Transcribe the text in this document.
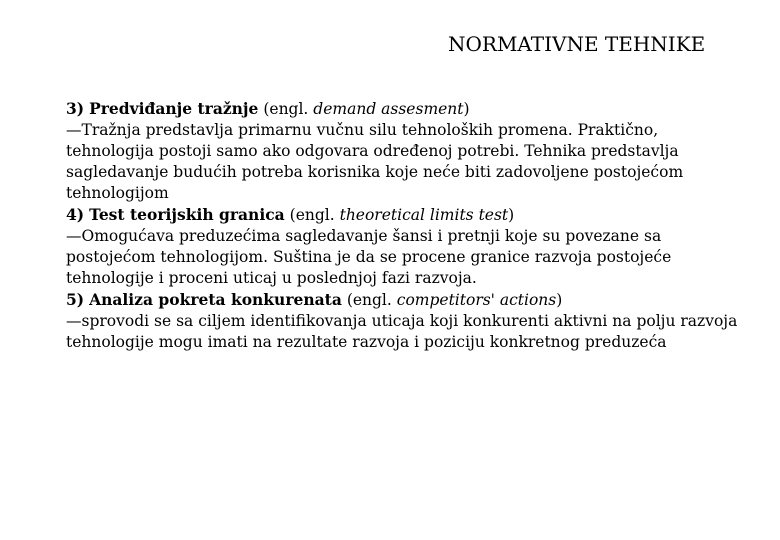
NORMATIVNE TEHNIKE

3) Predviđanje tražnje (engl. demand assesment)

—Tražnja predstavlja primarnu vučnu silu tehnoloških promena. Praktično, tehnologija postoji samo ako odgovara određenoj potrebi. Tehnika predstavlja sagledavanje budućih potreba korisnika koje neće biti zadovoljene postojećom tehnologijom

4) Test teorijskih granica (engl. theoretical limits test)

—Omogućava preduzećima sagledavanje šansi i pretnji koje su povezane sa postojećom tehnologijom. Suština je da se procene granice razvoja postojeće tehnologije i proceni uticaj u poslednjoj fazi razvoja.

5) Analiza pokreta konkurenata (engl. competitors' actions)

—sprovodi se sa ciljem identifikovanja uticaja koji konkurenti aktivni na polju razvoja tehnologije mogu imati na rezultate razvoja i poziciju konkretnog preduzeća
